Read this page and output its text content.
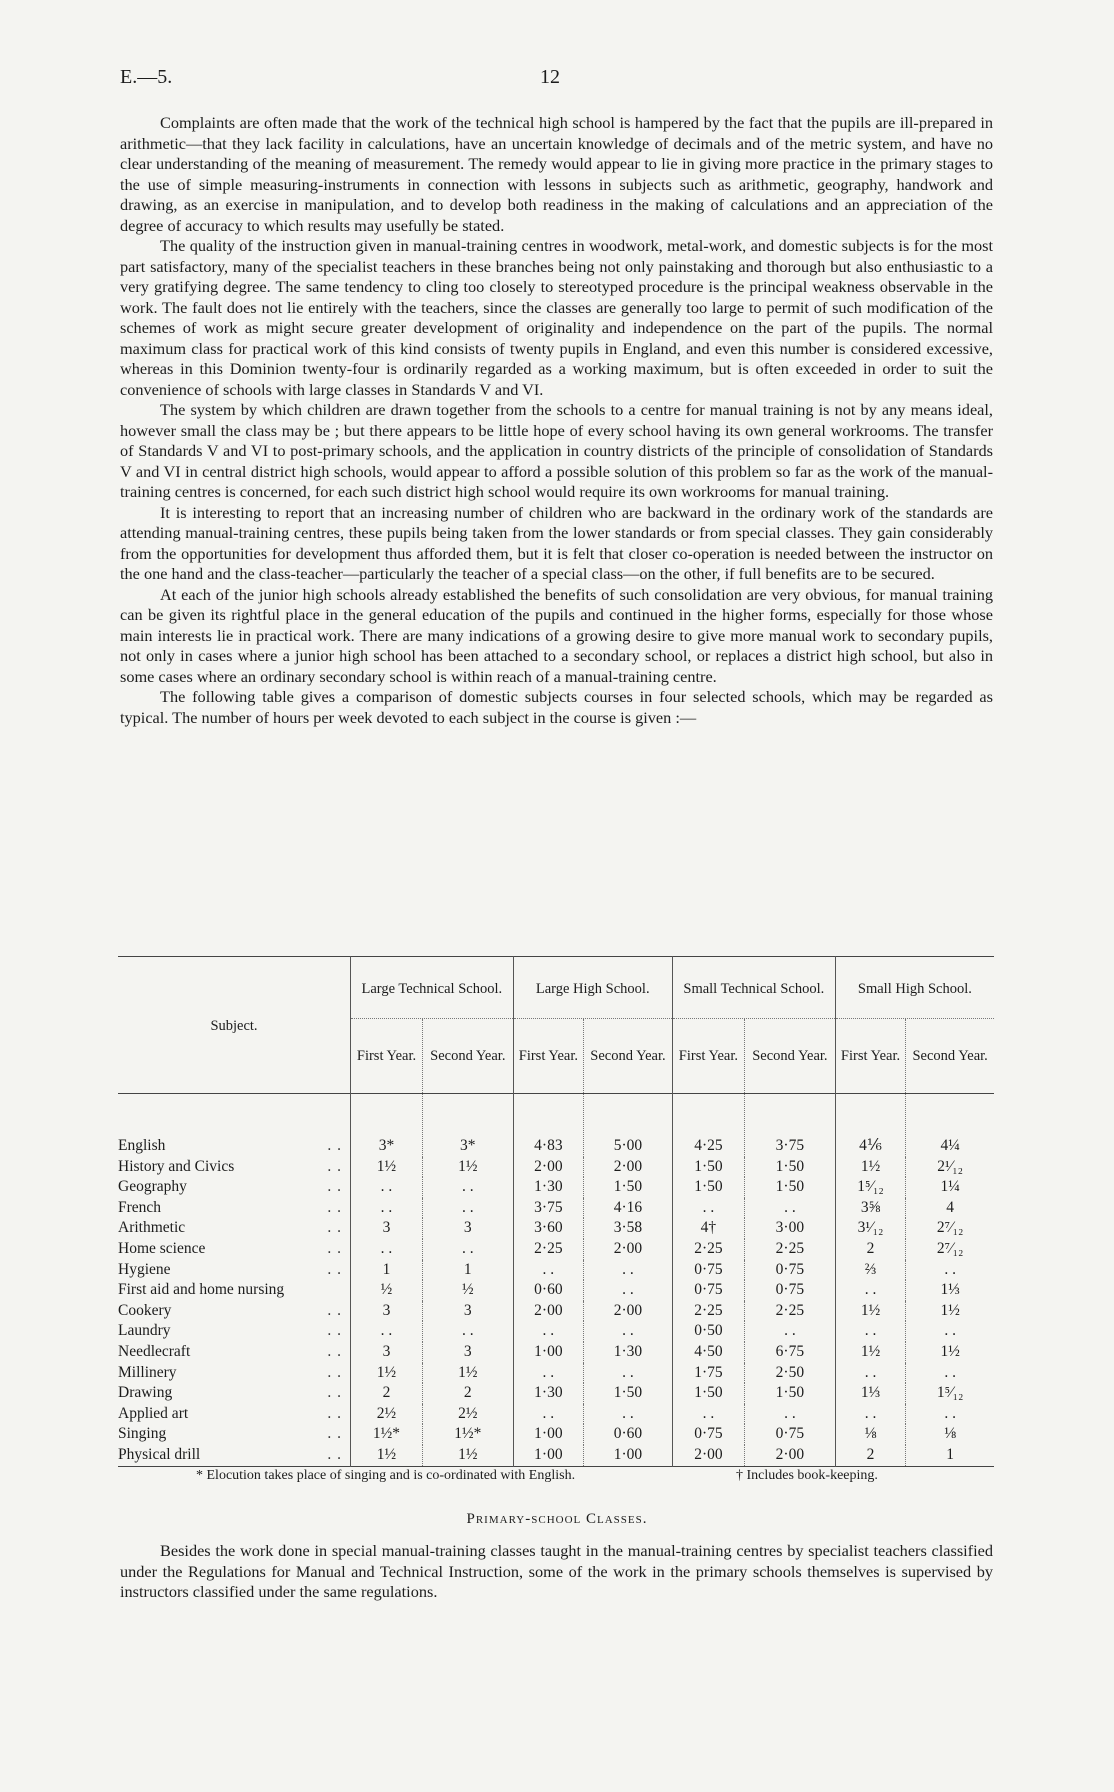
E.—5.	12

Complaints are often made that the work of the technical high school is hampered by the fact that the pupils are ill-prepared in arithmetic—that they lack facility in calculations, have an uncertain knowledge of decimals and of the metric system, and have no clear understanding of the meaning of measurement. The remedy would appear to lie in giving more practice in the primary stages to the use of simple measuring-instruments in connection with lessons in subjects such as arithmetic, geography, handwork and drawing, as an exercise in manipulation, and to develop both readiness in the making of calculations and an appreciation of the degree of accuracy to which results may usefully be stated.

The quality of the instruction given in manual-training centres in woodwork, metal-work, and domestic subjects is for the most part satisfactory, many of the specialist teachers in these branches being not only painstaking and thorough but also enthusiastic to a very gratifying degree. The same tendency to cling too closely to stereotyped procedure is the principal weakness observable in the work. The fault does not lie entirely with the teachers, since the classes are generally too large to permit of such modification of the schemes of work as might secure greater development of originality and independence on the part of the pupils. The normal maximum class for practical work of this kind consists of twenty pupils in England, and even this number is considered excessive, whereas in this Dominion twenty-four is ordinarily regarded as a working maximum, but is often exceeded in order to suit the convenience of schools with large classes in Standards V and VI.

The system by which children are drawn together from the schools to a centre for manual training is not by any means ideal, however small the class may be ; but there appears to be little hope of every school having its own general workrooms. The transfer of Standards V and VI to post-primary schools, and the application in country districts of the principle of consolidation of Standards V and VI in central district high schools, would appear to afford a possible solution of this problem so far as the work of the manual-training centres is concerned, for each such district high school would require its own workrooms for manual training.

It is interesting to report that an increasing number of children who are backward in the ordinary work of the standards are attending manual-training centres, these pupils being taken from the lower standards or from special classes. They gain considerably from the opportunities for development thus afforded them, but it is felt that closer co-operation is needed between the instructor on the one hand and the class-teacher—particularly the teacher of a special class—on the other, if full benefits are to be secured.

At each of the junior high schools already established the benefits of such consolidation are very obvious, for manual training can be given its rightful place in the general education of the pupils and continued in the higher forms, especially for those whose main interests lie in practical work. There are many indications of a growing desire to give more manual work to secondary pupils, not only in cases where a junior high school has been attached to a secondary school, or replaces a district high school, but also in some cases where an ordinary secondary school is within reach of a manual-training centre.

The following table gives a comparison of domestic subjects courses in four selected schools, which may be regarded as typical. The number of hours per week devoted to each subject in the course is given :—

Subject.	Large Technical School.		Large High School.		Small Technical School.		Small High School.	
	First Year.	Second Year.	First Year.	Second Year.	First Year.	Second Year.	First Year.	Second Year.
English . .	3*	3*	4·83	5·00	4·25	3·75	4⅙	4¼
History and Civics . .	1½	1½	2·00	2·00	1·50	1·50	1½	2¹⁄₁₂
Geography . .	. .	. .	1·30	1·50	1·50	1·50	1⁵⁄₁₂	1¼
French . .	. .	. .	3·75	4·16	. .	. .	3⅝	4
Arithmetic . .	3	3	3·60	3·58	4†	3·00	3¹⁄₁₂	2⁷⁄₁₂
Home science . .	. .	. .	2·25	2·00	2·25	2·25	2	2⁷⁄₁₂
Hygiene . .	1	1	. .	. .	0·75	0·75	⅔	. .
First aid and home nursing	½	½	0·60	. .	0·75	0·75	. .	1⅓
Cookery . .	3	3	2·00	2·00	2·25	2·25	1½	1½
Laundry . .	. .	. .	. .	. .	0·50	. .	. .	. .
Needlecraft . .	3	3	1·00	1·30	4·50	6·75	1½	1½
Millinery . .	1½	1½	. .	. .	1·75	2·50	. .	. .
Drawing . .	2	2	1·30	1·50	1·50	1·50	1⅓	1⁵⁄₁₂
Applied art . .	2½	2½	. .	. .	. .	. .	. .	. .
Singing . .	1½*	1½*	1·00	0·60	0·75	0·75	⅛	⅛
Physical drill . .	1½	1½	1·00	1·00	2·00	2·00	2	1
* Elocution takes place of singing and is co-ordinated with English.	† Includes book-keeping.
Primary-school Classes.

Besides the work done in special manual-training classes taught in the manual-training centres by specialist teachers classified under the Regulations for Manual and Technical Instruction, some of the work in the primary schools themselves is supervised by instructors classified under the same regulations.
